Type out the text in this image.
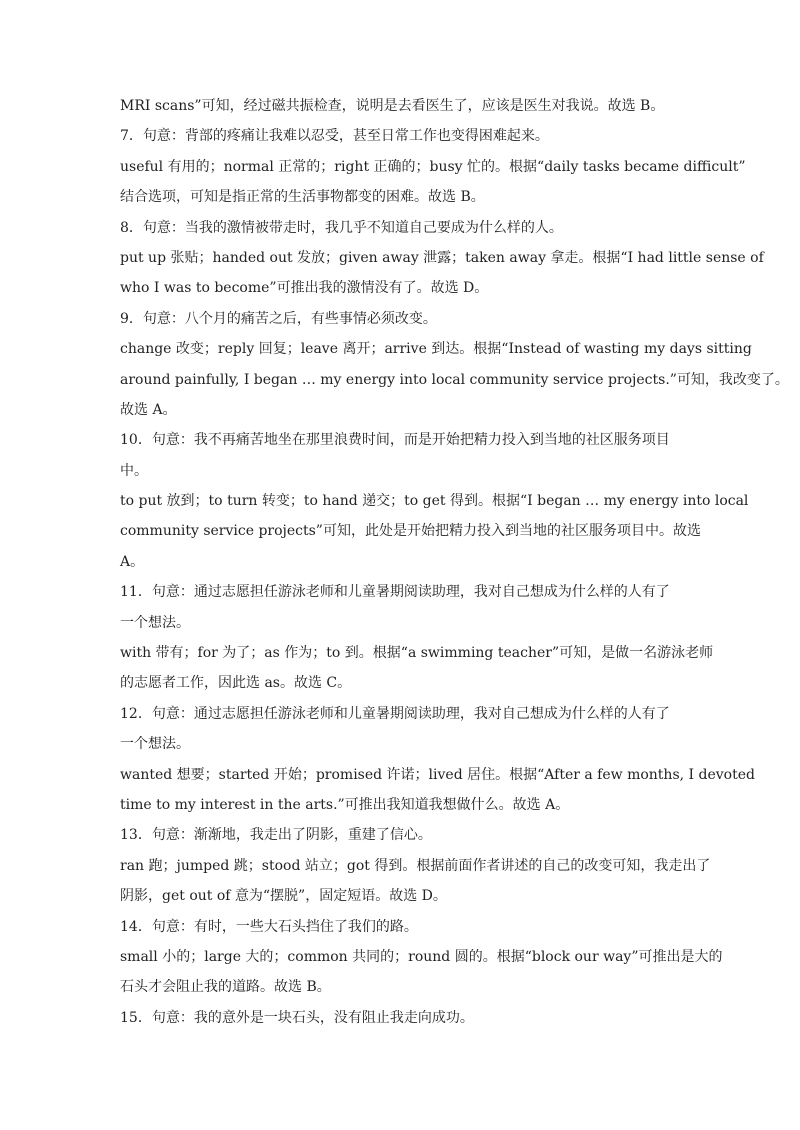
MRI scans”可知，经过磁共振检查，说明是去看医生了，应该是医生对我说。故选 B。
7．句意：背部的疼痛让我难以忍受，甚至日常工作也变得困难起来。
useful 有用的；normal 正常的；right 正确的；busy 忙的。根据“daily tasks became difficult”
结合选项，可知是指正常的生活事物都变的困难。故选 B。
8．句意：当我的激情被带走时，我几乎不知道自己要成为什么样的人。
put up 张贴；handed out 发放；given away 泄露；taken away 拿走。根据“I had little sense of
who I was to become”可推出我的激情没有了。故选 D。
9．句意：八个月的痛苦之后，有些事情必须改变。
change 改变；reply 回复；leave 离开；arrive 到达。根据“Instead of wasting my days sitting
around painfully, I began … my energy into local community service projects.”可知，我改变了。
故选 A。
10．句意：我不再痛苦地坐在那里浪费时间，而是开始把精力投入到当地的社区服务项目
中。
to put 放到；to turn 转变；to hand 递交；to get 得到。根据“I began … my energy into local
community service projects”可知，此处是开始把精力投入到当地的社区服务项目中。故选
A。
11．句意：通过志愿担任游泳老师和儿童暑期阅读助理，我对自己想成为什么样的人有了
一个想法。
with 带有；for 为了；as 作为；to 到。根据“a swimming teacher”可知，是做一名游泳老师
的志愿者工作，因此选 as。故选 C。
12．句意：通过志愿担任游泳老师和儿童暑期阅读助理，我对自己想成为什么样的人有了
一个想法。
wanted 想要；started 开始；promised 许诺；lived 居住。根据“After a few months, I devoted
time to my interest in the arts.”可推出我知道我想做什么。故选 A。
13．句意：渐渐地，我走出了阴影，重建了信心。
ran 跑；jumped 跳；stood 站立；got 得到。根据前面作者讲述的自己的改变可知，我走出了
阴影，get out of 意为“摆脱”，固定短语。故选 D。
14．句意：有时，一些大石头挡住了我们的路。
small 小的；large 大的；common 共同的；round 圆的。根据“block our way”可推出是大的
石头才会阻止我的道路。故选 B。
15．句意：我的意外是一块石头，没有阻止我走向成功。
